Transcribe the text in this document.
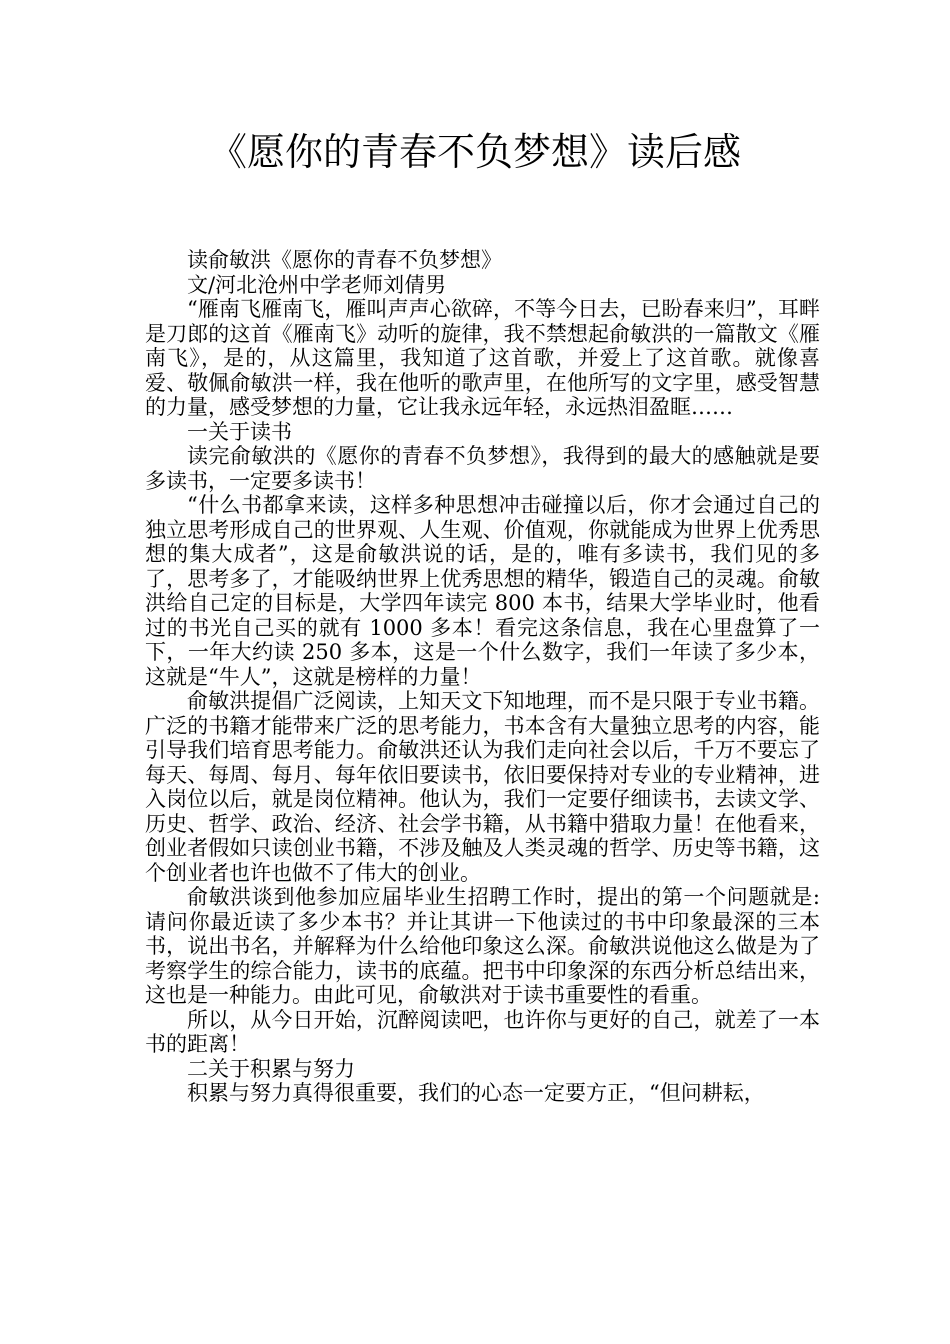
《愿你的青春不负梦想》读后感

读俞敏洪《愿你的青春不负梦想》

文/河北沧州中学老师刘倩男

“雁南飞雁南飞，雁叫声声心欲碎，不等今日去，已盼春来归”，耳畔是刀郎的这首《雁南飞》动听的旋律，我不禁想起俞敏洪的一篇散文《雁南飞》，是的，从这篇里，我知道了这首歌，并爱上了这首歌。就像喜爱、敬佩俞敏洪一样，我在他听的歌声里，在他所写的文字里，感受智慧的力量，感受梦想的力量，它让我永远年轻，永远热泪盈眶……

一关于读书

读完俞敏洪的《愿你的青春不负梦想》，我得到的最大的感触就是要多读书，一定要多读书！

“什么书都拿来读，这样多种思想冲击碰撞以后，你才会通过自己的独立思考形成自己的世界观、人生观、价值观，你就能成为世界上优秀思想的集大成者”，这是俞敏洪说的话，是的，唯有多读书，我们见的多了，思考多了，才能吸纳世界上优秀思想的精华，锻造自己的灵魂。俞敏洪给自己定的目标是，大学四年读完 800 本书，结果大学毕业时，他看过的书光自己买的就有 1000 多本！看完这条信息，我在心里盘算了一下，一年大约读 250 多本，这是一个什么数字，我们一年读了多少本，这就是“牛人”，这就是榜样的力量！

俞敏洪提倡广泛阅读，上知天文下知地理，而不是只限于专业书籍。广泛的书籍才能带来广泛的思考能力，书本含有大量独立思考的内容，能引导我们培育思考能力。俞敏洪还认为我们走向社会以后，千万不要忘了每天、每周、每月、每年依旧要读书，依旧要保持对专业的专业精神，进入岗位以后，就是岗位精神。他认为，我们一定要仔细读书，去读文学、历史、哲学、政治、经济、社会学书籍，从书籍中猎取力量！在他看来，创业者假如只读创业书籍，不涉及触及人类灵魂的哲学、历史等书籍，这个创业者也许也做不了伟大的创业。

俞敏洪谈到他参加应届毕业生招聘工作时，提出的第一个问题就是:请问你最近读了多少本书？并让其讲一下他读过的书中印象最深的三本书，说出书名，并解释为什么给他印象这么深。俞敏洪说他这么做是为了考察学生的综合能力，读书的底蕴。把书中印象深的东西分析总结出来，这也是一种能力。由此可见，俞敏洪对于读书重要性的看重。

所以，从今日开始，沉醉阅读吧，也许你与更好的自己，就差了一本书的距离！

二关于积累与努力

积累与努力真得很重要，我们的心态一定要方正，“但问耕耘，
